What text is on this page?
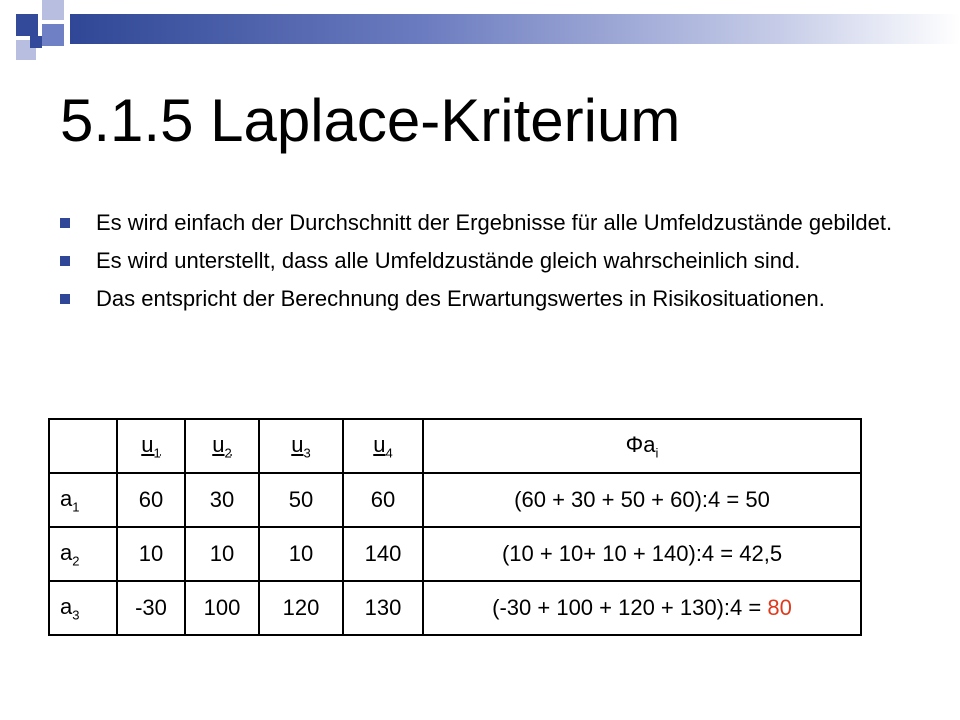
5.1.5 Laplace-Kriterium
Es wird einfach der Durchschnitt der Ergebnisse für alle Umfeldzustände gebildet.
Es wird unterstellt, dass alle Umfeldzustände gleich wahrscheinlich sind.
Das entspricht der Berechnung des Erwartungswertes in Risikosituationen.
	$u_1$	$u_2$	$u_3$	$u_4$	$\Phi a_i$
$a_1$	60	30	50	60	(60 + 30 + 50 + 60):4 = 50
$a_2$	10	10	10	140	(10 + 10+ 10 + 140):4 = 42,5
$a_3$	-30	100	120	130	(-30 + 100 + 120 + 130):4 = 80
